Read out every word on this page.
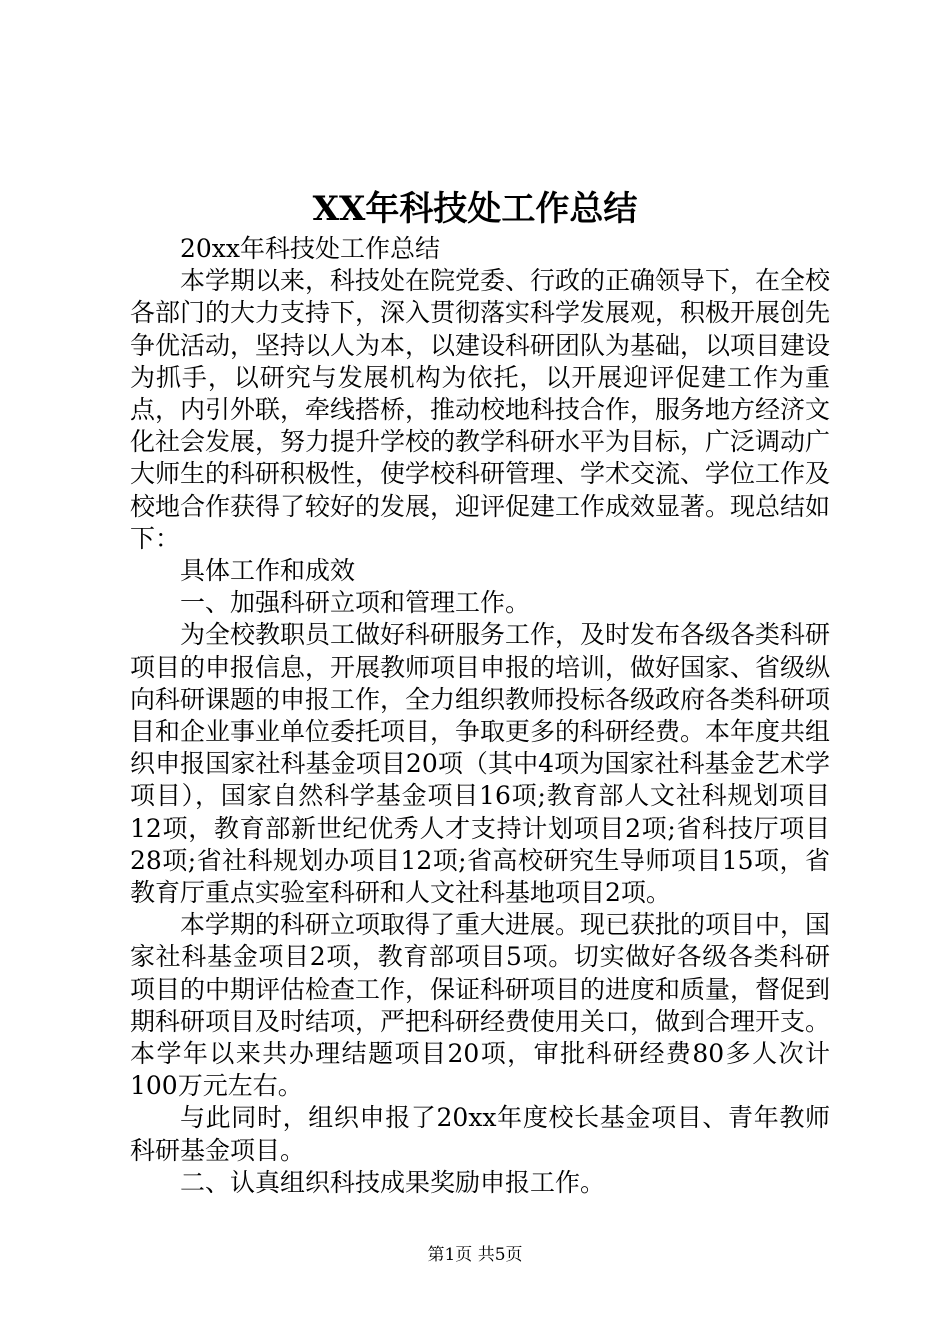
XX年科技处工作总结

20xx年科技处工作总结

本学期以来，科技处在院党委、行政的正确领导下，在全校各部门的大力支持下，深入贯彻落实科学发展观，积极开展创先争优活动，坚持以人为本，以建设科研团队为基础，以项目建设为抓手，以研究与发展机构为依托，以开展迎评促建工作为重点，内引外联，牵线搭桥，推动校地科技合作，服务地方经济文化社会发展，努力提升学校的教学科研水平为目标，广泛调动广大师生的科研积极性，使学校科研管理、学术交流、学位工作及校地合作获得了较好的发展，迎评促建工作成效显著。现总结如下：

具体工作和成效

一、加强科研立项和管理工作。

为全校教职员工做好科研服务工作，及时发布各级各类科研项目的申报信息，开展教师项目申报的培训，做好国家、省级纵向科研课题的申报工作，全力组织教师投标各级政府各类科研项目和企业事业单位委托项目，争取更多的科研经费。本年度共组织申报国家社科基金项目20项（其中4项为国家社科基金艺术学项目），国家自然科学基金项目16项;教育部人文社科规划项目12项，教育部新世纪优秀人才支持计划项目2项;省科技厅项目28项;省社科规划办项目12项;省高校研究生导师项目15项，省教育厅重点实验室科研和人文社科基地项目2项。

本学期的科研立项取得了重大进展。现已获批的项目中，国家社科基金项目2项，教育部项目5项。切实做好各级各类科研项目的中期评估检查工作，保证科研项目的进度和质量，督促到期科研项目及时结项，严把科研经费使用关口，做到合理开支。本学年以来共办理结题项目20项，审批科研经费80多人次计100万元左右。

与此同时，组织申报了20xx年度校长基金项目、青年教师科研基金项目。

二、认真组织科技成果奖励申报工作。

第1页 共5页
